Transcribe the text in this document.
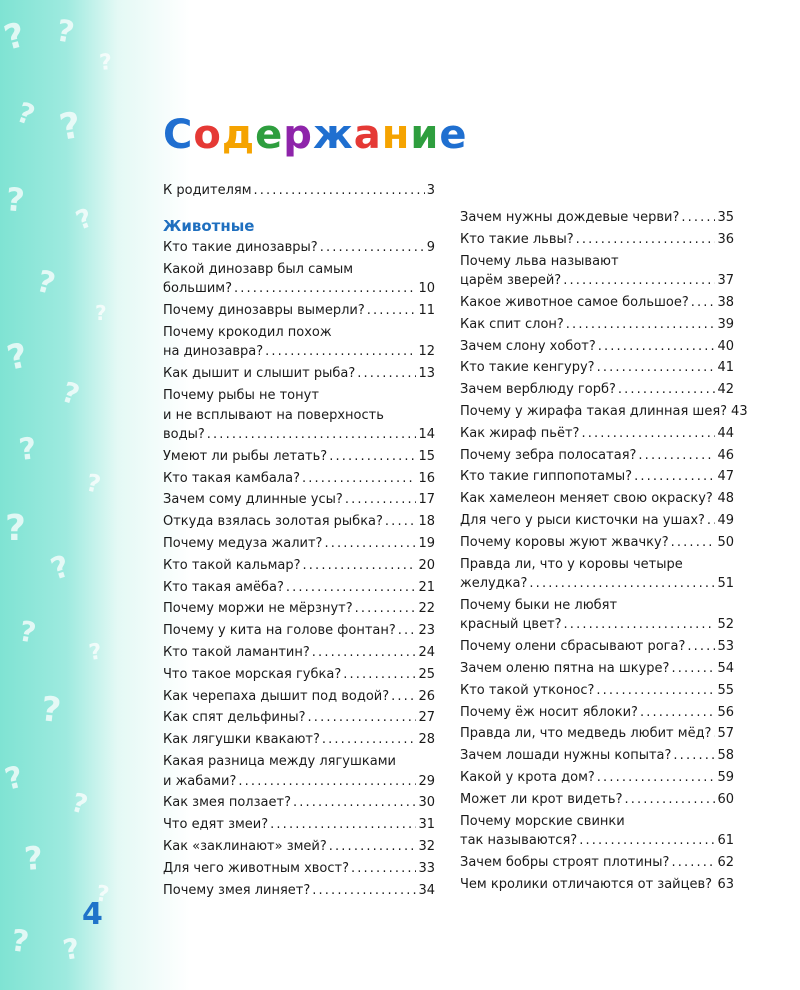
? ?
?
? ?
?
?
?
?
?
?
?
?
?
?
?
?
?
?
?
?
?
? ?
Содержание
К родителям . . .	3
Животные
Кто такие динозавры? . . .	9
Какой динозавр был самым
большим? . . .	10
Почему динозавры вымерли? . . .	11
Почему крокодил похож
на динозавра? . . .	12
Как дышит и слышит рыба? . . .	13
Почему рыбы не тонут
и не всплывают на поверхность
воды? . . .	14
Умеют ли рыбы летать? . . .	15
Кто такая камбала? . . .	16
Зачем сому длинные усы? . . .	17
Откуда взялась золотая рыбка? . . .	18
Почему медуза жалит? . . .	19
Кто такой кальмар? . . .	20
Кто такая амёба? . . .	21
Почему моржи не мёрзнут? . . .	22
Почему у кита на голове фонтан? . . . 23
Кто такой ламантин? . . .	24
Что такое морская губка? . . .	25
Как черепаха дышит под водой? . . . 26
Как спят дельфины? . . .	27
Как лягушки квакают? . . .	28
Какая разница между лягушками
и жабами? . . .	29
Как змея ползает? . . .	30
Что едят змеи? . . .	31
Как «заклинают» змей? . . .	32
Для чего животным хвост? . . .	33
Почему змея линяет? . . .	34
Зачем нужны дождевые черви? . . .	35
Кто такие львы? . . .	36
Почему льва называют
царём зверей? . . .	37
Какое животное самое большое? . . . 38
Как спит слон? . . .	39
Зачем слону хобот? . . .	40
Кто такие кенгуру? . . .	41
Зачем верблюду горб? . . .	42
Почему у жирафа такая длинная шея? 43
Как жираф пьёт? . . .	44
Почему зебра полосатая? . . .	46
Кто такие гиппопотамы? . . .	47
Как хамелеон меняет свою окраску? . . . 48
Для чего у рыси кисточки на ушах? . . . 49
Почему коровы жуют жвачку? . . .	50
Правда ли, что у коровы четыре
желудка? . . .	51
Почему быки не любят
красный цвет? . . .	52
Почему олени сбрасывают рога? . . . 53
Зачем оленю пятна на шкуре? . . .	54
Кто такой утконос? . . .	55
Почему ёж носит яблоки? . . .	56
Правда ли, что медведь любит мёд? . . . 57
Зачем лошади нужны копыта? . . .	58
Какой у крота дом? . . .	59
Может ли крот видеть? . . .	60
Почему морские свинки
так называются? . . .	61
Зачем бобры строят плотины? . . .	62
Чем кролики отличаются от зайцев? . . . 63
4
